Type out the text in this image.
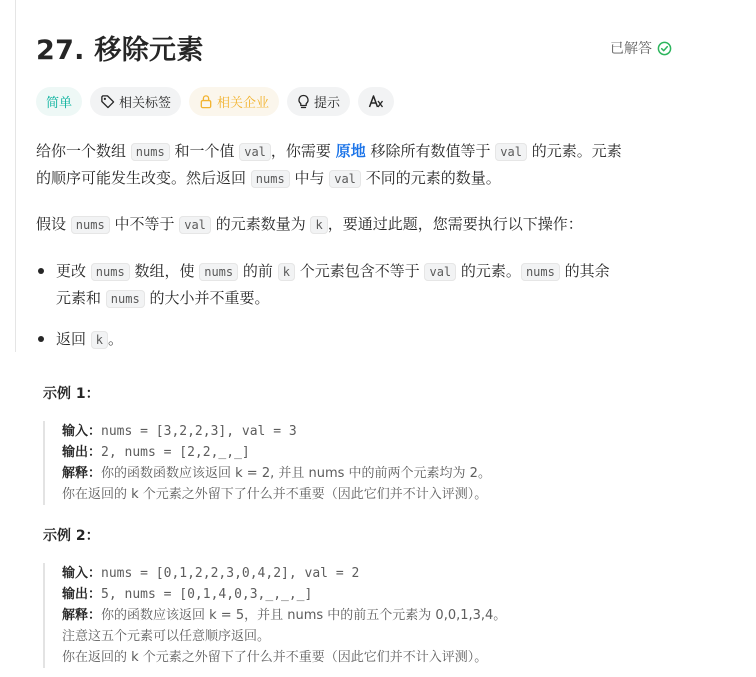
27. 移除元素	已解答
简单	相关标签	相关企业	提示
给你一个数组 nums 和一个值 val ，你需要 原地 移除所有数值等于 val 的元素。元素
的顺序可能发生改变。然后返回 nums 中与 val 不同的元素的数量。
假设 nums 中不等于 val 的元素数量为 k ，要通过此题，您需要执行以下操作：
更改 nums 数组，使 nums 的前 k 个元素包含不等于 val 的元素。 nums 的其余
元素和 nums 的大小并不重要。
返回 k 。
示例 1：
输入：nums = [3,2,2,3], val = 3
输出：2, nums = [2,2,_,_]
解释：你的函数函数应该返回 k = 2, 并且 nums 中的前两个元素均为 2。
你在返回的 k 个元素之外留下了什么并不重要（因此它们并不计入评测）。
示例 2：
输入：nums = [0,1,2,2,3,0,4,2], val = 2
输出：5, nums = [0,1,4,0,3,_,_,_]
解释：你的函数应该返回 k = 5，并且 nums 中的前五个元素为 0,0,1,3,4。
注意这五个元素可以任意顺序返回。
你在返回的 k 个元素之外留下了什么并不重要（因此它们并不计入评测）。
